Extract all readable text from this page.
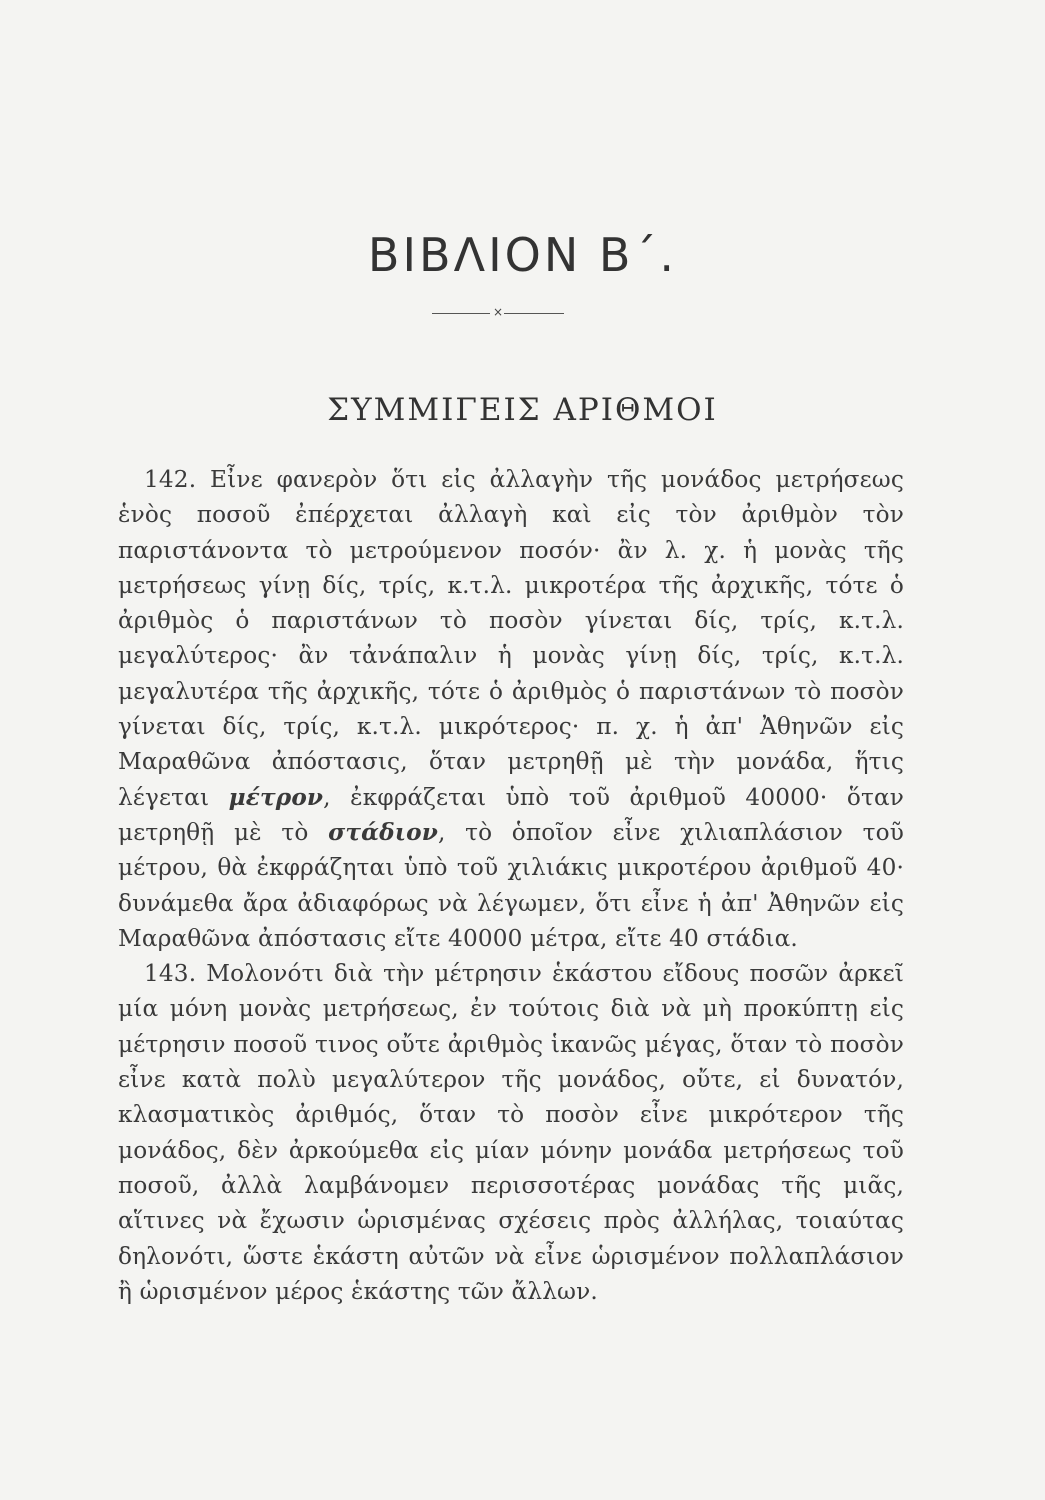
ΒΙΒΛΙΟΝ Β΄.
×
ΣΥΜΜΙΓΕΙΣ ΑΡΙΘΜΟΙ

142. Εἶνε φανερὸν ὅτι εἰς ἀλλαγὴν τῆς μονάδος μετρήσεως ἑνὸς ποσοῦ ἐπέρχεται ἀλλαγὴ καὶ εἰς τὸν ἀριθμὸν τὸν παριστάνοντα τὸ μετρούμενον ποσόν· ἂν λ. χ. ἡ μονὰς τῆς μετρήσεως γίνῃ δίς, τρίς, κ.τ.λ. μικροτέρα τῆς ἀρχικῆς, τότε ὁ ἀριθμὸς ὁ παριστάνων τὸ ποσὸν γίνεται δίς, τρίς, κ.τ.λ. μεγαλύτερος· ἂν τἀνάπαλιν ἡ μονὰς γίνῃ δίς, τρίς, κ.τ.λ. μεγαλυτέρα τῆς ἀρχικῆς, τότε ὁ ἀριθμὸς ὁ παριστάνων τὸ ποσὸν γίνεται δίς, τρίς, κ.τ.λ. μικρότερος· π. χ. ἡ ἀπ' Ἀθηνῶν εἰς Μαραθῶνα ἀπόστασις, ὅταν μετρηθῇ μὲ τὴν μονάδα, ἥτις λέγεται μέτρον, ἐκφράζεται ὑπὸ τοῦ ἀριθμοῦ 40000· ὅταν μετρηθῇ μὲ τὸ στάδιον, τὸ ὁποῖον εἶνε χιλιαπλάσιον τοῦ μέτρου, θὰ ἐκφράζηται ὑπὸ τοῦ χιλιάκις μικροτέρου ἀριθμοῦ 40· δυνάμεθα ἄρα ἀδιαφόρως νὰ λέγωμεν, ὅτι εἶνε ἡ ἀπ' Ἀθηνῶν εἰς Μαραθῶνα ἀπόστασις εἴτε 40000 μέτρα, εἴτε 40 στάδια.

143. Μολονότι διὰ τὴν μέτρησιν ἑκάστου εἴδους ποσῶν ἀρκεῖ μία μόνη μονὰς μετρήσεως, ἐν τούτοις διὰ νὰ μὴ προκύπτῃ εἰς μέτρησιν ποσοῦ τινος οὔτε ἀριθμὸς ἱκανῶς μέγας, ὅταν τὸ ποσὸν εἶνε κατὰ πολὺ μεγαλύτερον τῆς μονάδος, οὔτε, εἰ δυνατόν, κλασματικὸς ἀριθμός, ὅταν τὸ ποσὸν εἶνε μικρότερον τῆς μονάδος, δὲν ἀρκούμεθα εἰς μίαν μόνην μονάδα μετρήσεως τοῦ ποσοῦ, ἀλλὰ λαμβάνομεν περισσοτέρας μονάδας τῆς μιᾶς, αἵτινες νὰ ἔχωσιν ὡρισμένας σχέσεις πρὸς ἀλλήλας, τοιαύτας δηλονότι, ὥστε ἑκάστη αὐτῶν νὰ εἶνε ὡρισμένον πολλαπλάσιον ἢ ὡρισμένον μέρος ἑκάστης τῶν ἄλλων.
